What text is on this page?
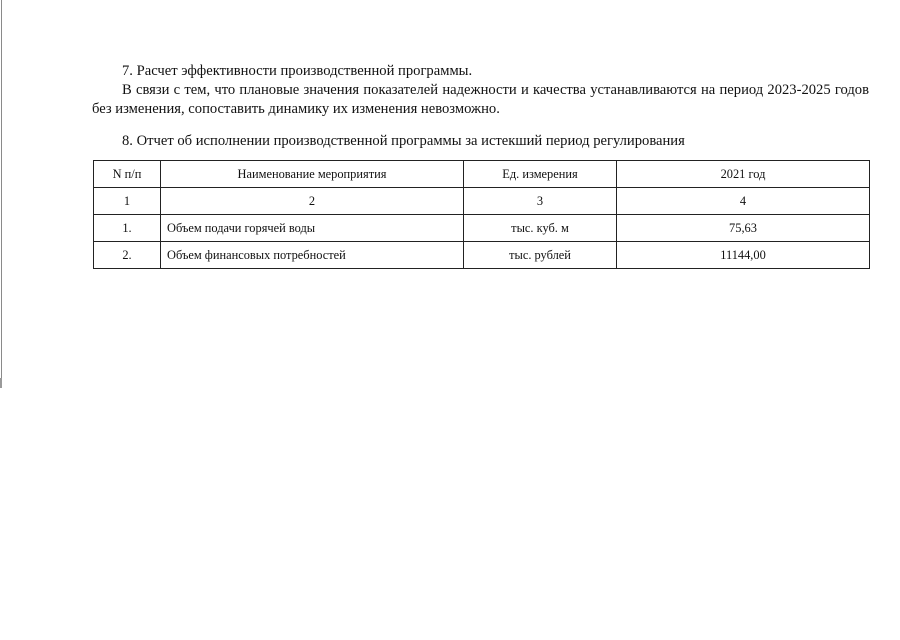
7. Расчет эффективности производственной программы.

В связи с тем, что плановые значения показателей надежности и качества устанавливаются на период 2023-2025 годов без изменения, сопоставить динамику их изменения невозможно.

8. Отчет об исполнении производственной программы за истекший период регулирования

N п/п	Наименование мероприятия	Ед. измерения	2021 год
1	2	3	4
1.	Объем подачи горячей воды	тыс. куб. м	75,63
2.	Объем финансовых потребностей	тыс. рублей	11144,00
